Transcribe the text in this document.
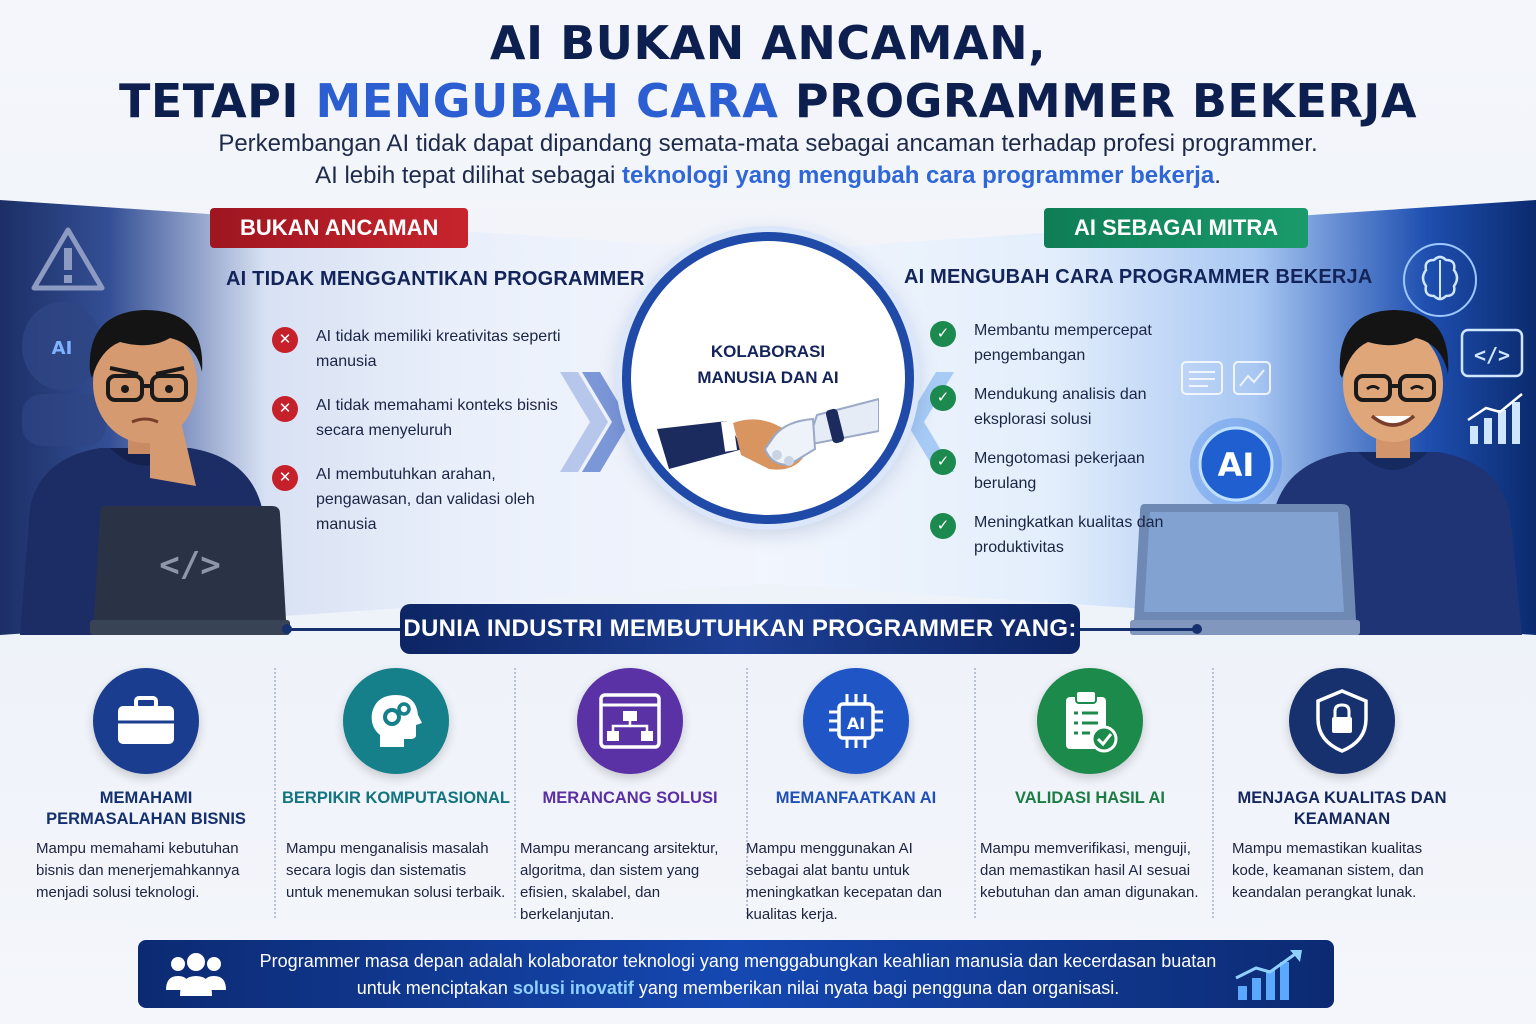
AI BUKAN ANCAMAN,
TETAPI MENGUBAH CARA PROGRAMMER BEKERJA
Perkembangan AI tidak dapat dipandang semata-mata sebagai ancaman terhadap profesi programmer.
AI lebih tepat dilihat sebagai teknologi yang mengubah cara programmer bekerja.
AI
</>
BUKAN ANCAMAN
AI TIDAK MENGGANTIKAN PROGRAMMER
✕	AI tidak memiliki kreativitas seperti manusia
✕	AI tidak memahami konteks bisnis secara menyeluruh
✕	AI membutuhkan arahan, pengawasan, dan validasi oleh manusia
</>
AI
AI SEBAGAI MITRA
AI MENGUBAH CARA PROGRAMMER BEKERJA
✓	Membantu mempercepat pengembangan
✓	Mendukung analisis dan eksplorasi solusi
✓	Mengotomasi pekerjaan berulang
✓	Meningkatkan kualitas dan produktivitas
KOLABORASI
MANUSIA DAN AI
DUNIA INDUSTRI MEMBUTUHKAN PROGRAMMER YANG:
MEMAHAMI PERMASALAHAN BISNIS
Mampu memahami kebutuhan bisnis dan menerjemahkannya menjadi solusi teknologi.
BERPIKIR KOMPUTASIONAL
Mampu menganalisis masalah secara logis dan sistematis untuk menemukan solusi terbaik.
MERANCANG SOLUSI
Mampu merancang arsitektur, algoritma, dan sistem yang efisien, skalabel, dan berkelanjutan.
AI
MEMANFAATKAN AI
Mampu menggunakan AI sebagai alat bantu untuk meningkatkan kecepatan dan kualitas kerja.
VALIDASI HASIL AI
Mampu memverifikasi, menguji, dan memastikan hasil AI sesuai kebutuhan dan aman digunakan.
MENJAGA KUALITAS DAN KEAMANAN
Mampu memastikan kualitas kode, keamanan sistem, dan keandalan perangkat lunak.
Programmer masa depan adalah kolaborator teknologi yang menggabungkan keahlian manusia dan kecerdasan buatan
untuk menciptakan solusi inovatif yang memberikan nilai nyata bagi pengguna dan organisasi.
